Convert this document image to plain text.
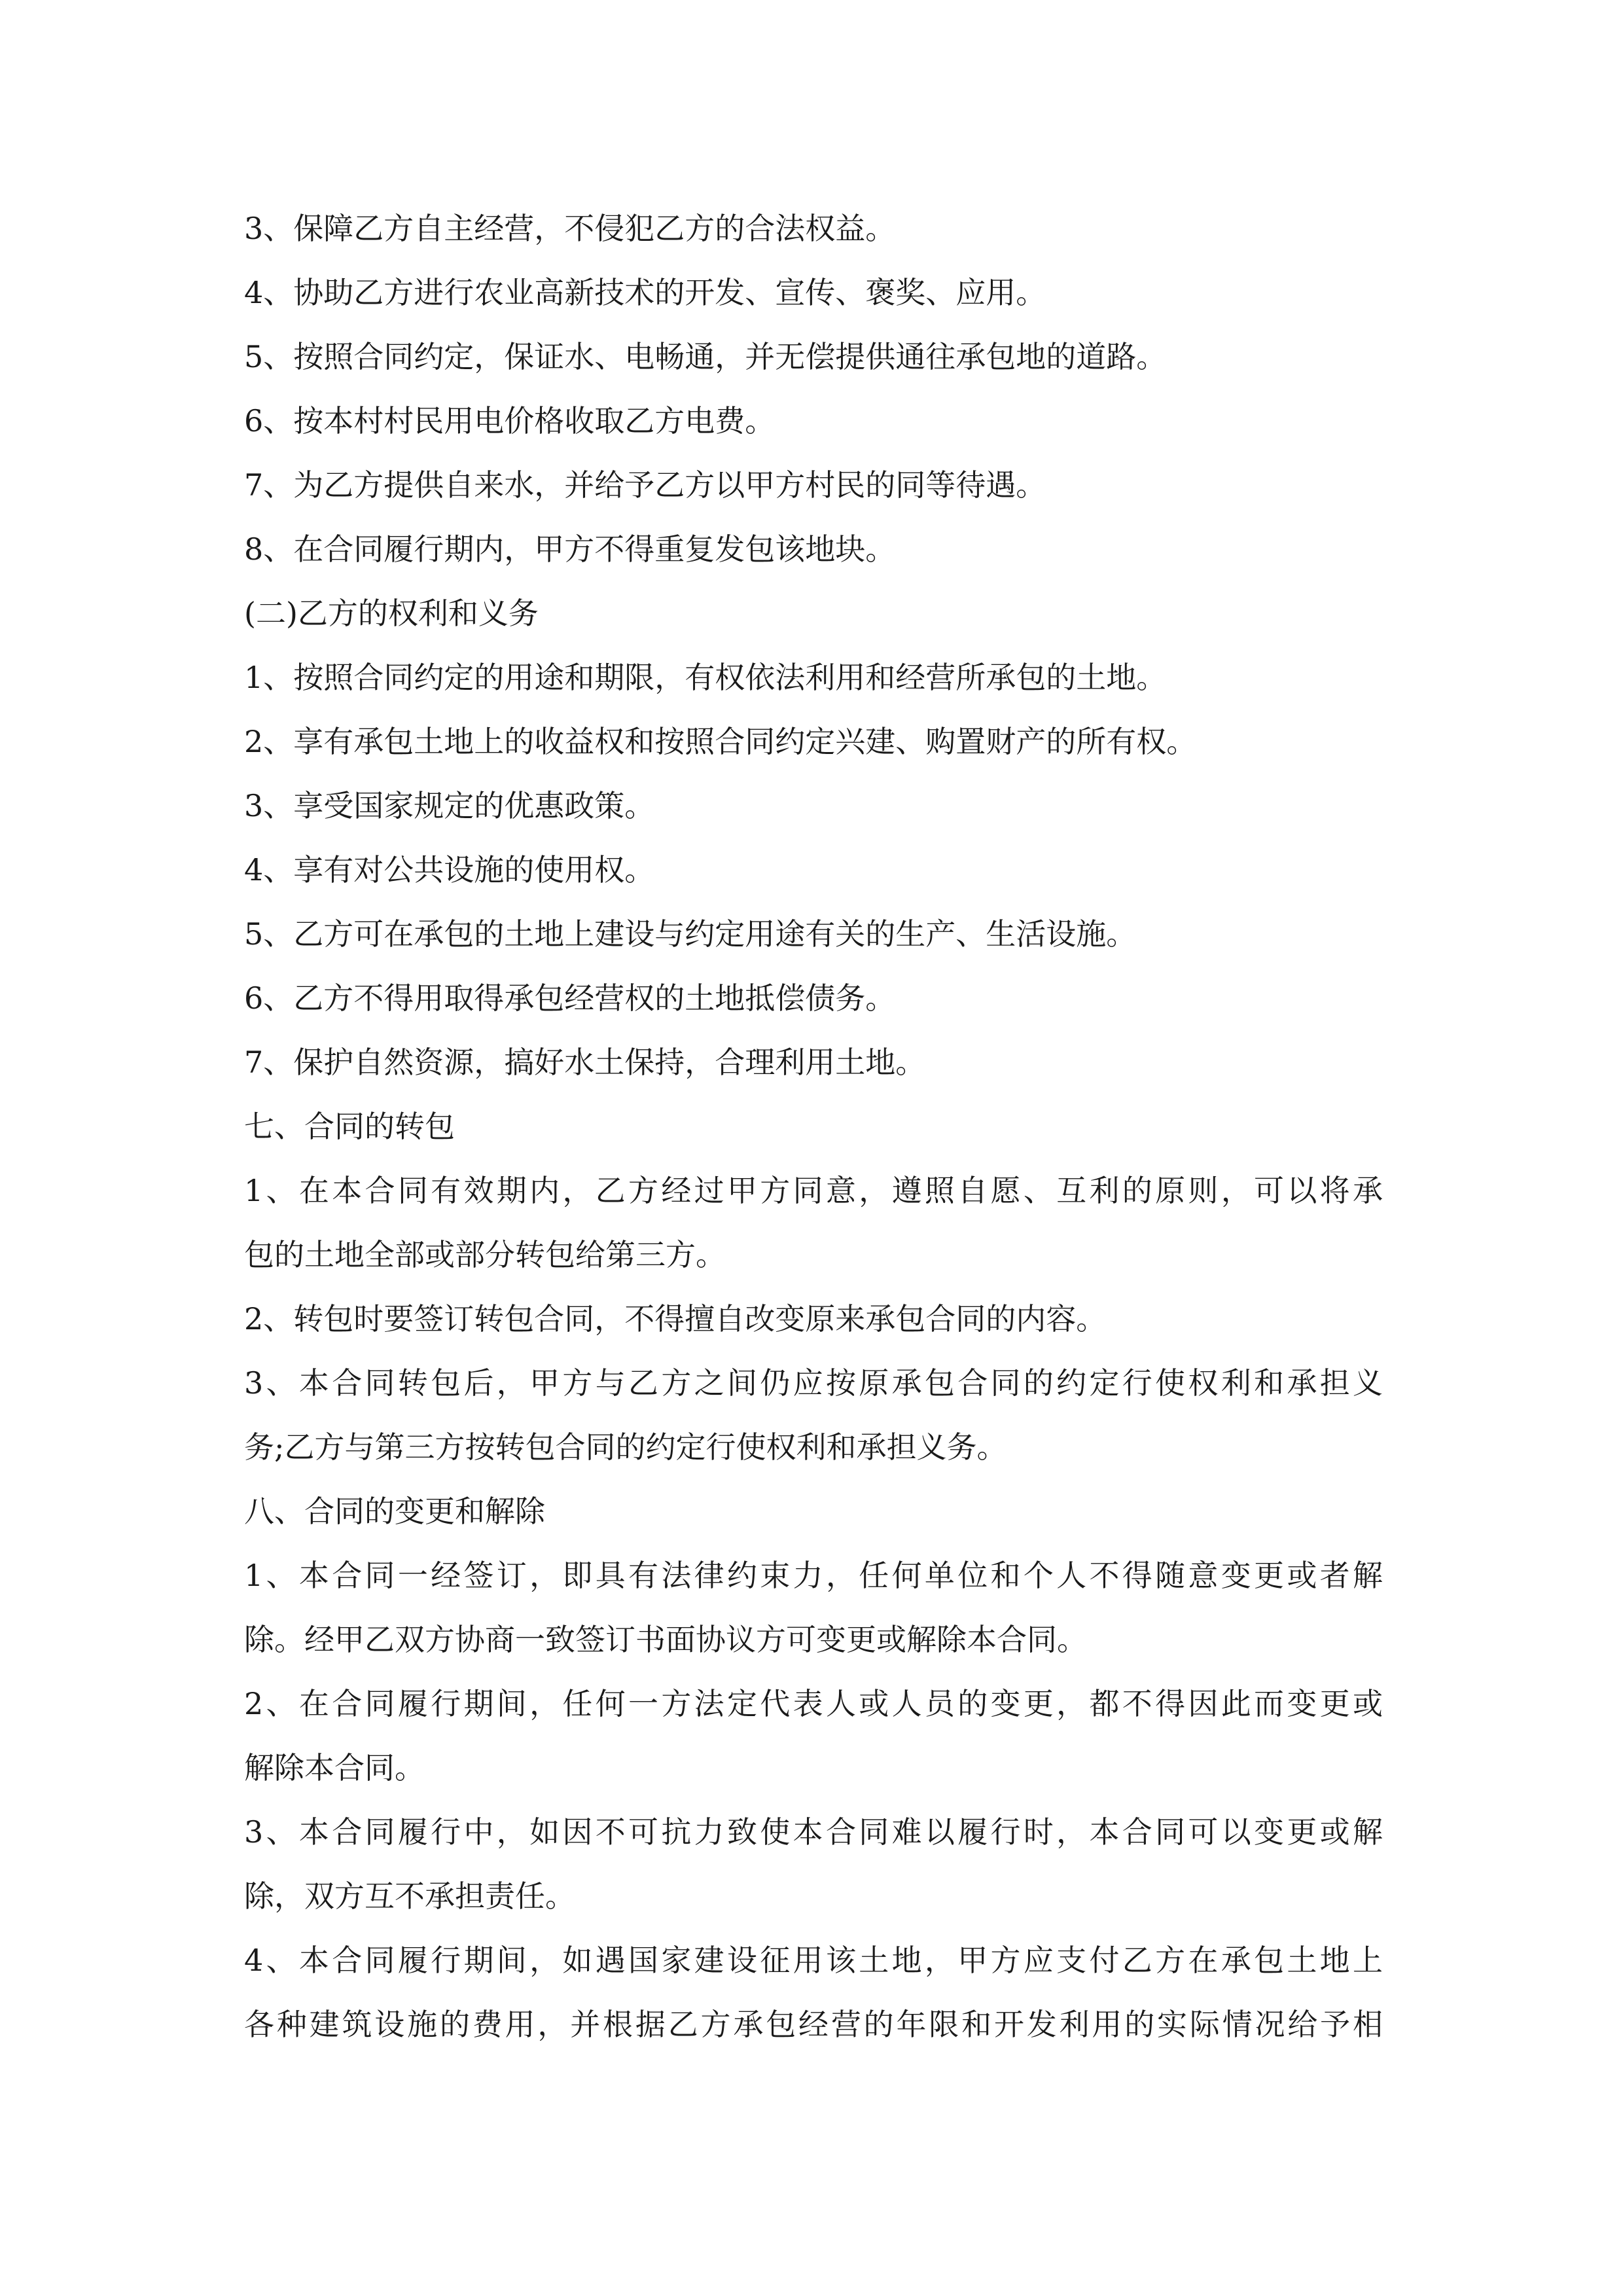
3、保障乙方自主经营，不侵犯乙方的合法权益。
4、协助乙方进行农业高新技术的开发、宣传、褒奖、应用。
5、按照合同约定，保证水、电畅通，并无偿提供通往承包地的道路。
6、按本村村民用电价格收取乙方电费。
7、为乙方提供自来水，并给予乙方以甲方村民的同等待遇。
8、在合同履行期内，甲方不得重复发包该地块。
(二)乙方的权利和义务
1、按照合同约定的用途和期限，有权依法利用和经营所承包的土地。
2、享有承包土地上的收益权和按照合同约定兴建、购置财产的所有权。
3、享受国家规定的优惠政策。
4、享有对公共设施的使用权。
5、乙方可在承包的土地上建设与约定用途有关的生产、生活设施。
6、乙方不得用取得承包经营权的土地抵偿债务。
7、保护自然资源，搞好水土保持，合理利用土地。
七、合同的转包
1、在本合同有效期内，乙方经过甲方同意，遵照自愿、互利的原则，可以将承
包的土地全部或部分转包给第三方。
2、转包时要签订转包合同，不得擅自改变原来承包合同的内容。
3、本合同转包后，甲方与乙方之间仍应按原承包合同的约定行使权利和承担义
务;乙方与第三方按转包合同的约定行使权利和承担义务。
八、合同的变更和解除
1、本合同一经签订，即具有法律约束力，任何单位和个人不得随意变更或者解
除。经甲乙双方协商一致签订书面协议方可变更或解除本合同。
2、在合同履行期间，任何一方法定代表人或人员的变更，都不得因此而变更或
解除本合同。
3、本合同履行中，如因不可抗力致使本合同难以履行时，本合同可以变更或解
除，双方互不承担责任。
4、本合同履行期间，如遇国家建设征用该土地，甲方应支付乙方在承包土地上
各种建筑设施的费用，并根据乙方承包经营的年限和开发利用的实际情况给予相
